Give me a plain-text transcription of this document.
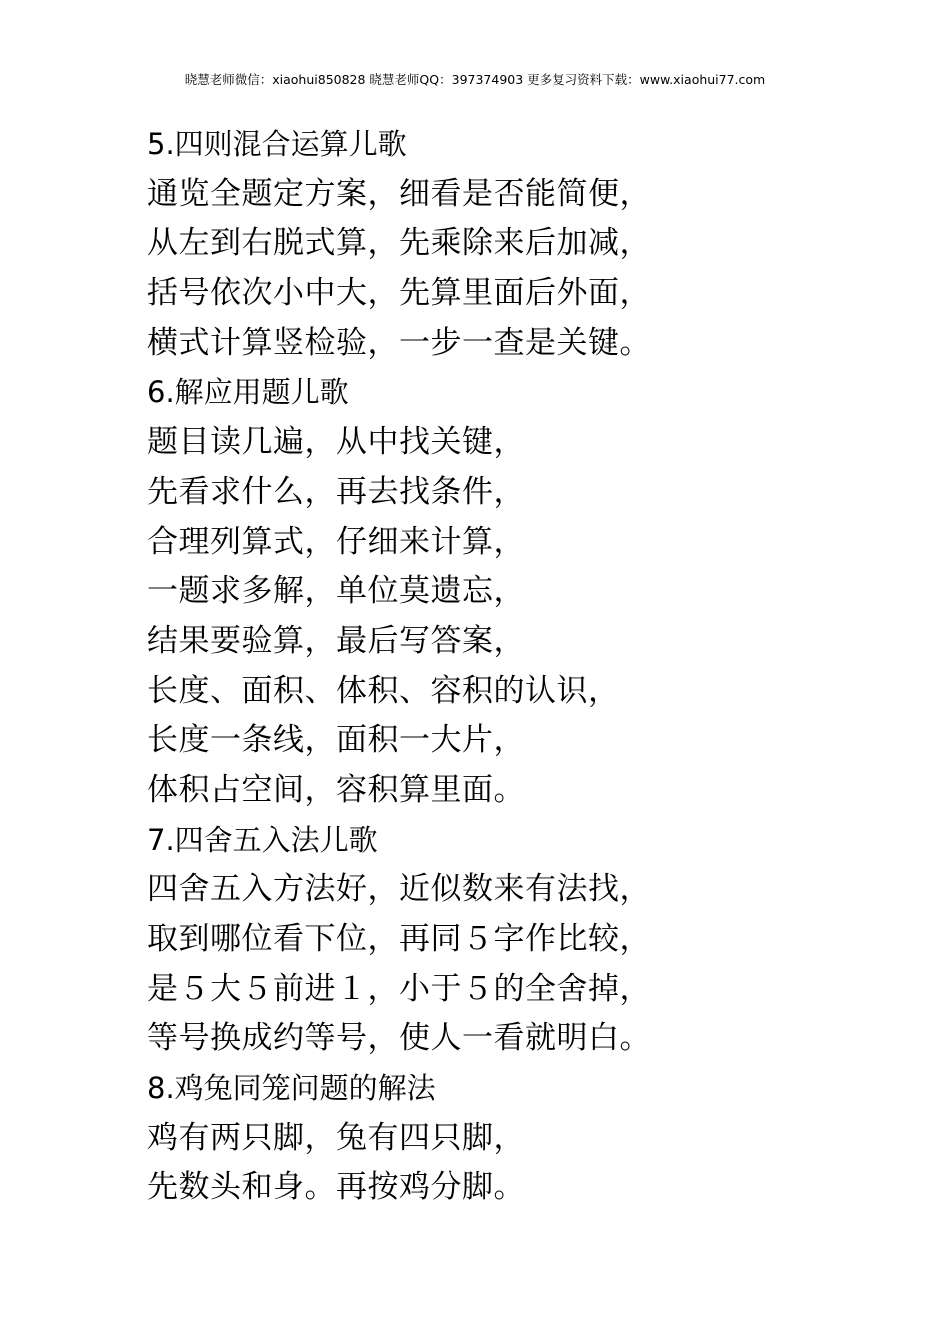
晓慧老师微信：xiaohui850828 晓慧老师QQ：397374903 更多复习资料下载：www.xiaohui77.com
5.四则混合运算儿歌
通览全题定方案，细看是否能简便，
从左到右脱式算，先乘除来后加减，
括号依次小中大，先算里面后外面，
横式计算竖检验，一步一查是关键。
6.解应用题儿歌
题目读几遍，从中找关键，
先看求什么，再去找条件，
合理列算式，仔细来计算，
一题求多解，单位莫遗忘，
结果要验算，最后写答案，
长度、面积、体积、容积的认识，
长度一条线，面积一大片，
体积占空间，容积算里面。
7.四舍五入法儿歌
四舍五入方法好，近似数来有法找，
取到哪位看下位，再同５字作比较，
是５大５前进１，小于５的全舍掉，
等号换成约等号，使人一看就明白。
8.鸡兔同笼问题的解法
鸡有两只脚，兔有四只脚，
先数头和身。再按鸡分脚。
